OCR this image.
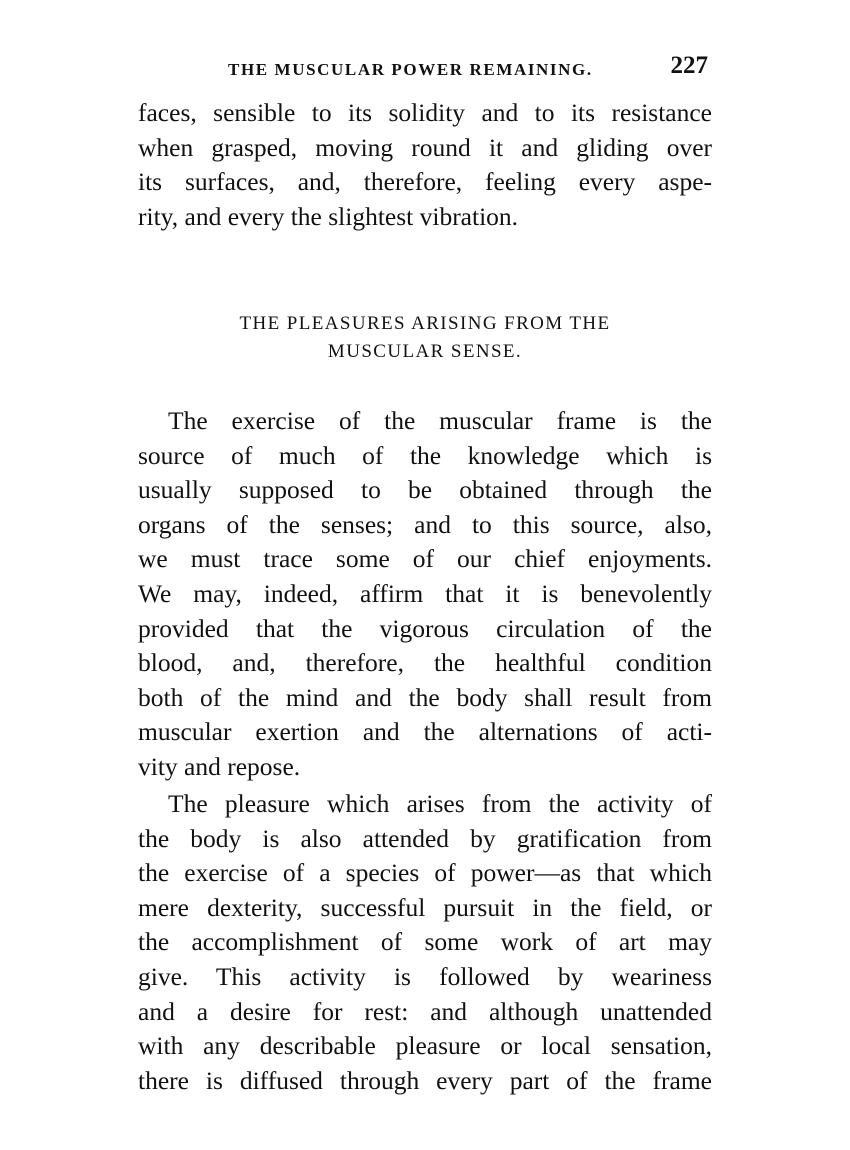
THE MUSCULAR POWER REMAINING.	227
faces, sensible to its solidity and to its resistance
when grasped, moving round it and gliding over
its surfaces, and, therefore, feeling every aspe-
rity, and every the slightest vibration.
THE PLEASURES ARISING FROM THE
MUSCULAR SENSE.
The exercise of the muscular frame is the
source of much of the knowledge which is
usually supposed to be obtained through the
organs of the senses; and to this source, also,
we must trace some of our chief enjoyments.
We may, indeed, affirm that it is benevolently
provided that the vigorous circulation of the
blood, and, therefore, the healthful condition
both of the mind and the body shall result from
muscular exertion and the alternations of acti-
vity and repose.
The pleasure which arises from the activity of
the body is also attended by gratification from
the exercise of a species of power—as that which
mere dexterity, successful pursuit in the field, or
the accomplishment of some work of art may
give. This activity is followed by weariness
and a desire for rest: and although unattended
with any describable pleasure or local sensation,
there is diffused through every part of the frame
